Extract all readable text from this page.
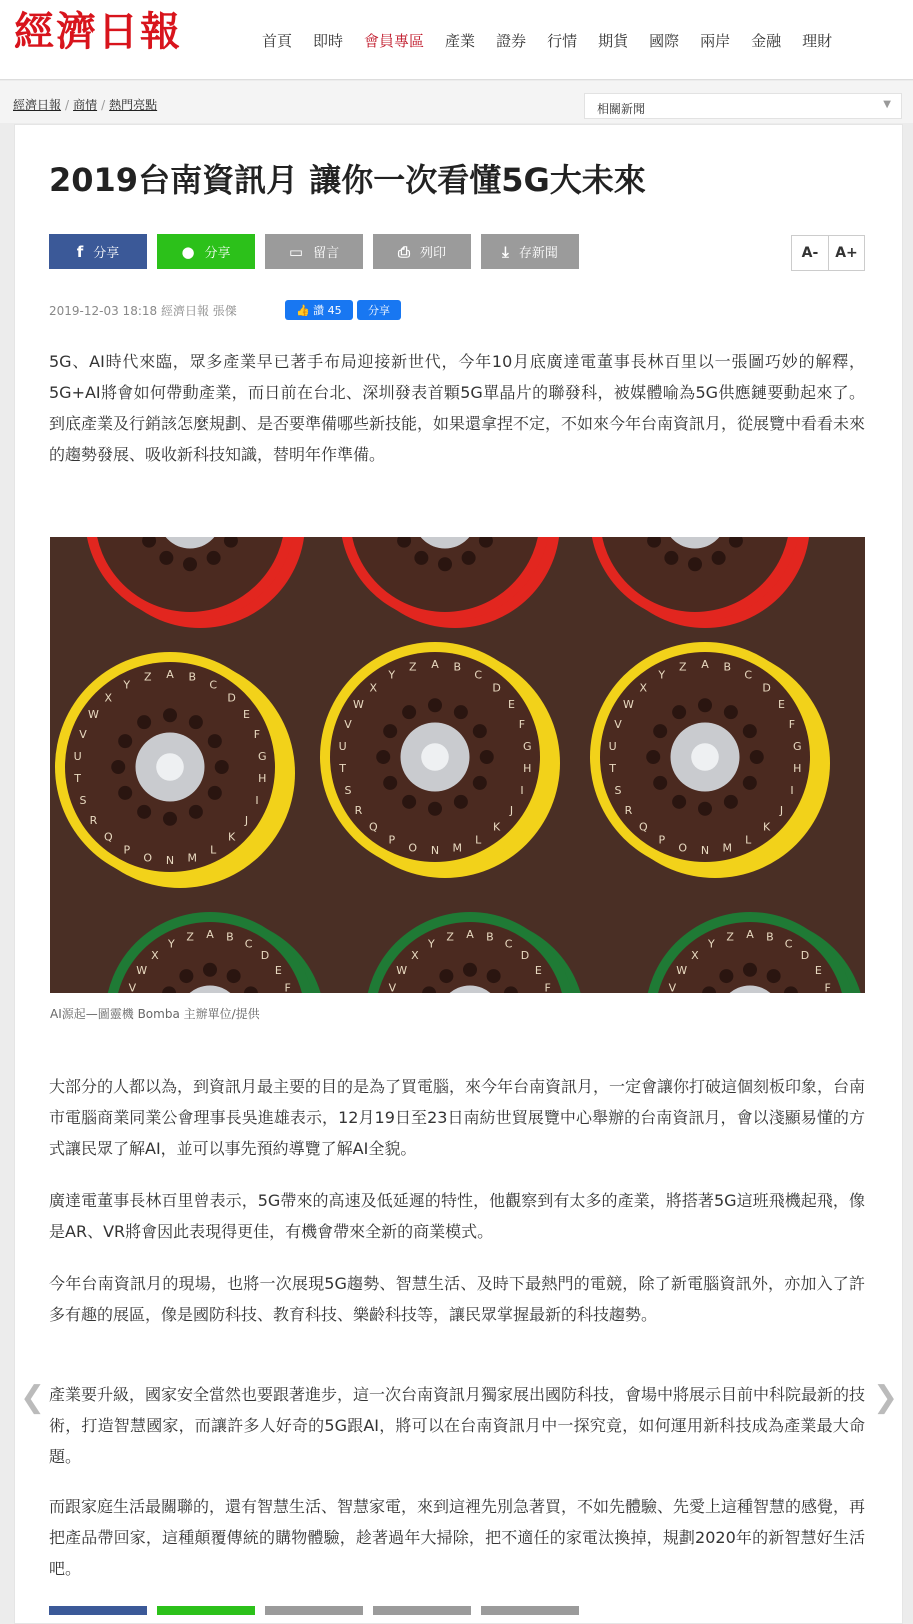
經濟日報	首頁 即時 會員專區 產業 證券 行情 期貨 國際 兩岸 金融 理財
經濟日報 / 商情 / 熱門亮點	相關新聞	▼
2019台南資訊月 讓你一次看懂5G大未來
f 分享	● 分享	▭ 留言	⎙ 列印	⤓ 存新聞	A-	A+
2019-12-03 18:18 經濟日報 張傑	👍 讚 45	分享

5G、AI時代來臨，眾多產業早已著手布局迎接新世代，今年10月底廣達電董事長林百里以一張圖巧妙的解釋，5G+AI將會如何帶動產業，而日前在台北、深圳發表首顆5G單晶片的聯發科，被媒體喻為5G供應鏈要動起來了。到底產業及行銷該怎麼規劃、是否要準備哪些新技能，如果還拿捏不定，不如來今年台南資訊月，從展覽中看看未來的趨勢發展、吸收新科技知識，替明年作準備。

A B
C
D
E
F
G
H
I
J
K
L
M
N
O
P
Q
R
S
T
U
V
W
X
Y
Z
A B
C
D
E
F
G
H
I
J
K
L
M
N
O
P
Q
R
S
T
U
V
W
X
Y
Z	A B
C
D
E
F
G
H
I
J
K
L
M
N
O
P
Q
R
S
T
U
V
W
X
Y
Z
A B
C
D
E
F
V
W
X
Y
Z	A B
C
D
E
F
V
W
X
Y
Z	A B
C
D
E
F
V
W
X
Y
Z
AI源起—圖靈機 Bomba 主辦單位/提供

大部分的人都以為，到資訊月最主要的目的是為了買電腦，來今年台南資訊月，一定會讓你打破這個刻板印象，台南市電腦商業同業公會理事長吳進雄表示，12月19日至23日南紡世貿展覽中心舉辦的台南資訊月，會以淺顯易懂的方式讓民眾了解AI，並可以事先預約導覽了解AI全貌。

廣達電董事長林百里曾表示，5G帶來的高速及低延遲的特性，他觀察到有太多的產業，將搭著5G這班飛機起飛，像是AR、VR將會因此表現得更佳，有機會帶來全新的商業模式。

今年台南資訊月的現場，也將一次展現5G趨勢、智慧生活、及時下最熱門的電競，除了新電腦資訊外，亦加入了許多有趣的展區，像是國防科技、教育科技、樂齡科技等，讓民眾掌握最新的科技趨勢。

產業要升級，國家安全當然也要跟著進步，這一次台南資訊月獨家展出國防科技，會場中將展示目前中科院最新的技術，打造智慧國家，而讓許多人好奇的5G跟AI，將可以在台南資訊月中一探究竟，如何運用新科技成為產業最大命題。

而跟家庭生活最關聯的，還有智慧生活、智慧家電，來到這裡先別急著買，不如先體驗、先愛上這種智慧的感覺，再把產品帶回家，這種顛覆傳統的購物體驗，趁著過年大掃除，把不適任的家電汰換掉，規劃2020年的新智慧好生活吧。

❮	❯
